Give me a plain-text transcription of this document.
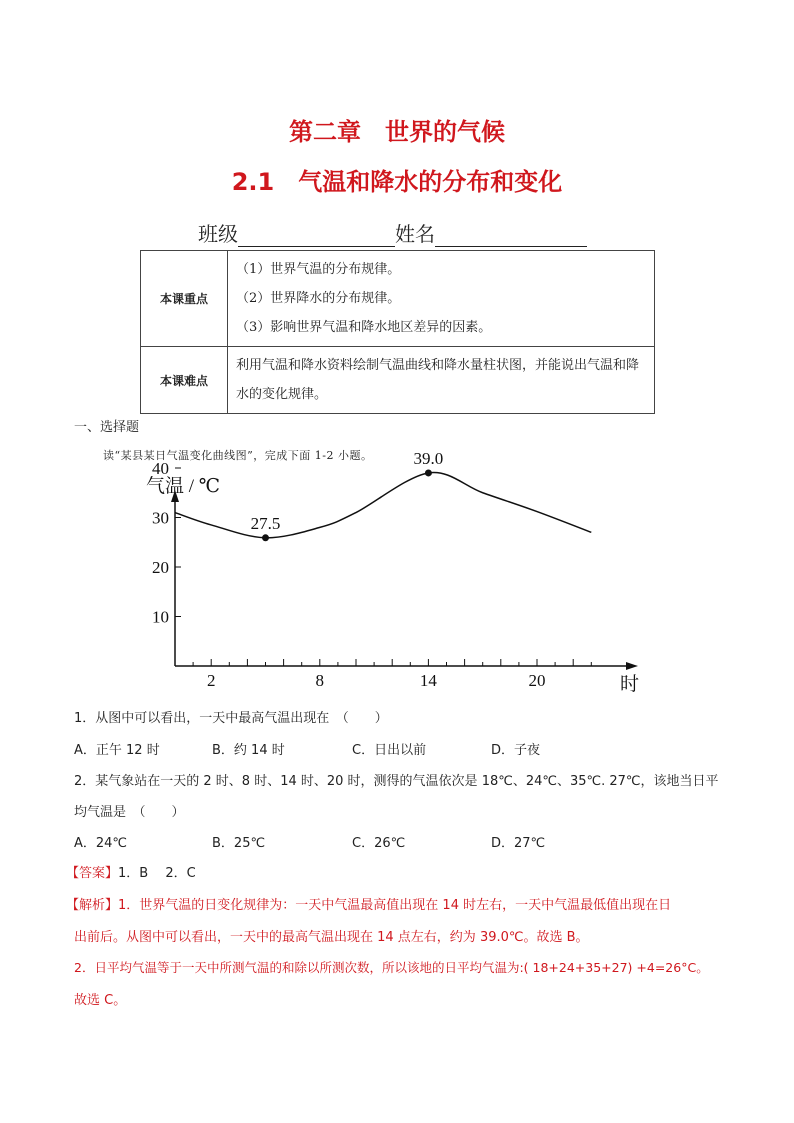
第二章　世界的气候
2.1　气温和降水的分布和变化
班级	姓名
本课重点	（1）世界气温的分布规律。
（2）世界降水的分布规律。
（3）影响世界气温和降水地区差异的因素。

本课难点	利用气温和降水资料绘制气温曲线和降水量柱状图，并能说出气温和降水的变化规律。
一、选择题
读“某县某日气温变化曲线图”，完成下面 1-2 小题。
气温 / ℃
时
10
20
30
40
2	8	14	20
27.5
39.0
1．从图中可以看出，一天中最高气温出现在　（　　）
A．正午 12 时	B．约 14 时	C．日出以前	D．子夜
2．某气象站在一天的 2 时、8 时、14 时、20 时，测得的气温依次是 18℃、24℃、35℃. 27℃，该地当日平
均气温是　（　　）
A．24℃	B．25℃	C．26℃	D．27℃
【答案】1．B　 2．C
【解析】1．世界气温的日变化规律为：一天中气温最高值出现在 14 时左右，一天中气温最低值出现在日
出前后。从图中可以看出，一天中的最高气温出现在 14 点左右，约为 39.0℃。故选 B。
2．日平均气温等于一天中所测气温的和除以所测次数，所以该地的日平均气温为:( 18+24+35+27) +4=26°C。
故选 C。
